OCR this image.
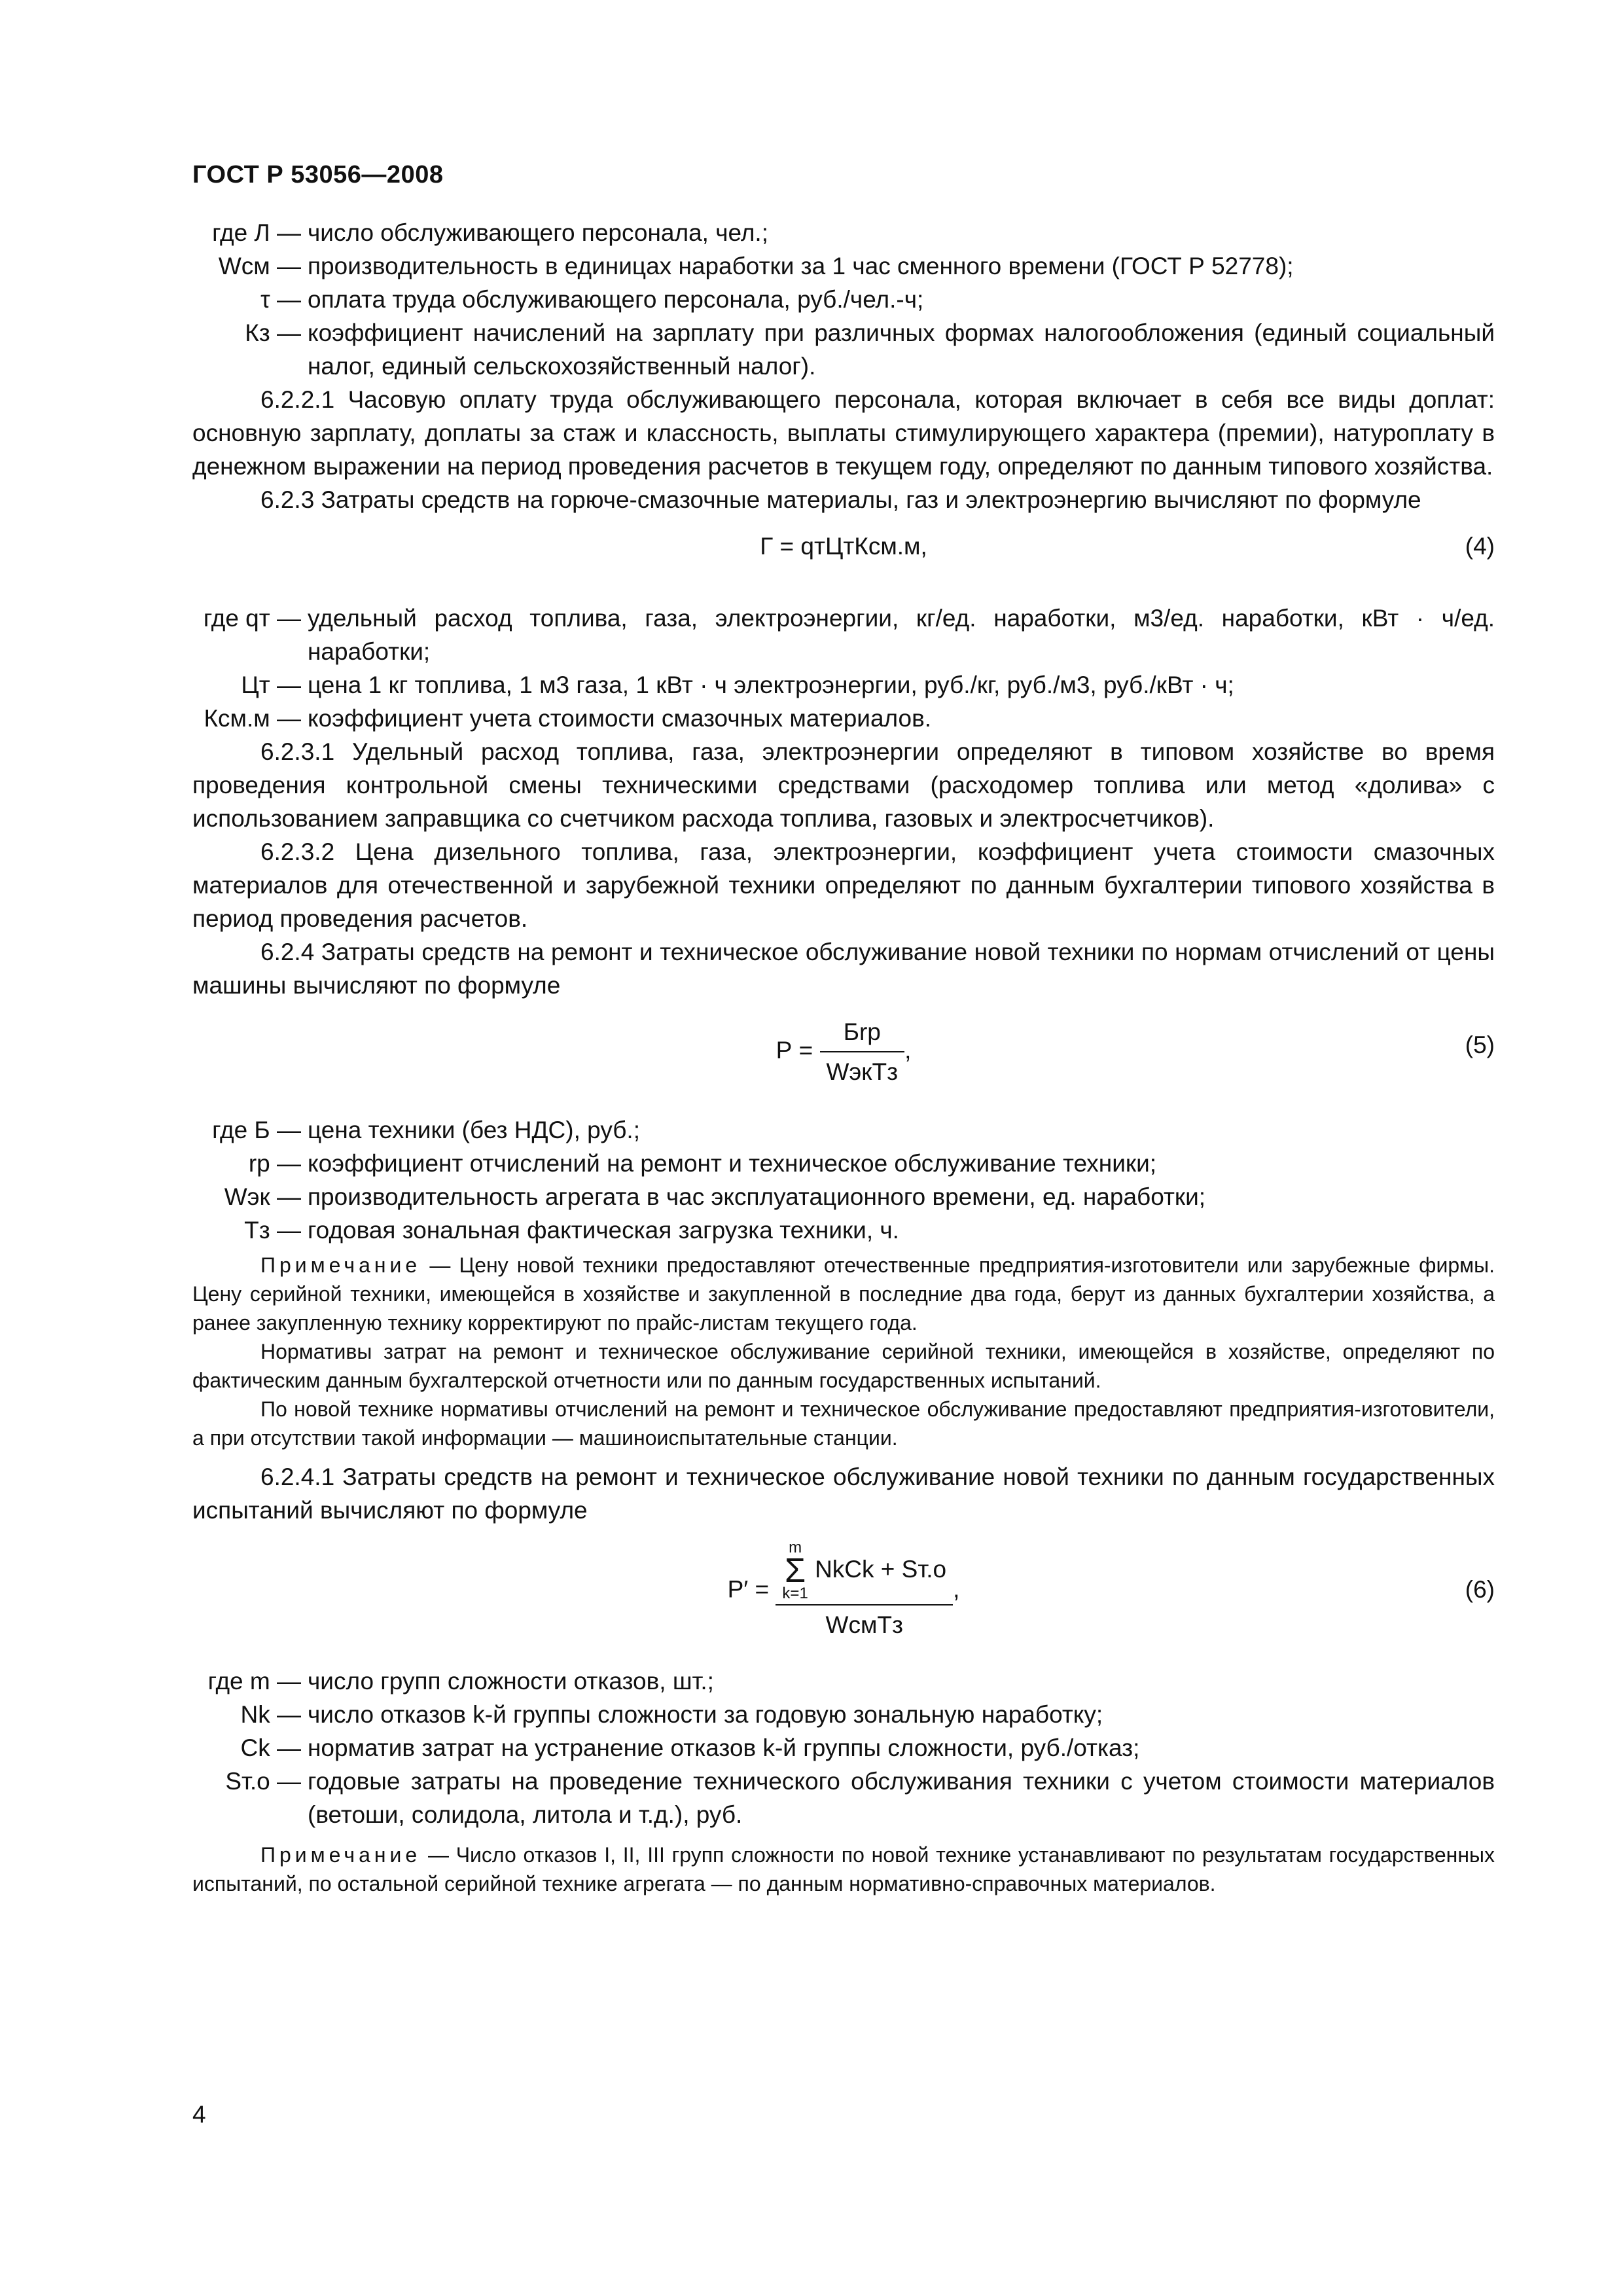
ГОСТ Р 53056—2008
где Л — число обслуживающего персонала, чел.;
Wсм — производительность в единицах наработки за 1 час сменного времени (ГОСТ Р 52778);
τ — оплата труда обслуживающего персонала, руб./чел.-ч;
Кз — коэффициент начислений на зарплату при различных формах налогообложения (единый социальный налог, единый сельскохозяйственный налог).

6.2.2.1 Часовую оплату труда обслуживающего персонала, которая включает в себя все виды доплат: основную зарплату, доплаты за стаж и классность, выплаты стимулирующего характера (премии), натуроплату в денежном выражении на период проведения расчетов в текущем году, определяют по данным типового хозяйства.

6.2.3 Затраты средств на горюче-смазочные материалы, газ и электроэнергию вычисляют по формуле

Г = qтЦтКсм.м,	(4)
где qт — удельный расход топлива, газа, электроэнергии, кг/ед. наработки, м3/ед. наработки, кВт · ч/ед. наработки;
Цт — цена 1 кг топлива, 1 м3 газа, 1 кВт · ч электроэнергии, руб./кг, руб./м3, руб./кВт · ч;
Ксм.м — коэффициент учета стоимости смазочных материалов.

6.2.3.1 Удельный расход топлива, газа, электроэнергии определяют в типовом хозяйстве во время проведения контрольной смены техническими средствами (расходомер топлива или метод «долива» с использованием заправщика со счетчиком расхода топлива, газовых и электросчетчиков).

6.2.3.2 Цена дизельного топлива, газа, электроэнергии, коэффициент учета стоимости смазочных материалов для отечественной и зарубежной техники определяют по данным бухгалтерии типового хозяйства в период проведения расчетов.

6.2.4 Затраты средств на ремонт и техническое обслуживание новой техники по нормам отчислений от цены машины вычисляют по формуле

$Р = \frac{\text{Бrр}}{\text{WэкТз}}$ ,	(5)
где Б — цена техники (без НДС), руб.;
rр — коэффициент отчислений на ремонт и техническое обслуживание техники;
Wэк — производительность агрегата в час эксплуатационного времени, ед. наработки;
Тз — годовая зональная фактическая загрузка техники, ч.

Примечание — Цену новой техники предоставляют отечественные предприятия-изготовители или зарубежные фирмы. Цену серийной техники, имеющейся в хозяйстве и закупленной в последние два года, берут из данных бухгалтерии хозяйства, а ранее закупленную технику корректируют по прайс-листам текущего года.

Нормативы затрат на ремонт и техническое обслуживание серийной техники, имеющейся в хозяйстве, определяют по фактическим данным бухгалтерской отчетности или по данным государственных испытаний.

По новой технике нормативы отчислений на ремонт и техническое обслуживание предоставляют предприятия-изготовители, а при отсутствии такой информации — машиноиспытательные станции.

6.2.4.1 Затраты средств на ремонт и техническое обслуживание новой техники по данным государственных испытаний вычисляют по формуле

Р′ =
m
Σ
k=1
NkCk + Sт.о
WсмТз
,	(6)
где m — число групп сложности отказов, шт.;
Nk — число отказов k-й группы сложности за годовую зональную наработку;
Ck — норматив затрат на устранение отказов k-й группы сложности, руб./отказ;
Sт.о — годовые затраты на проведение технического обслуживания техники с учетом стоимости материалов (ветоши, солидола, литола и т.д.), руб.

Примечание — Число отказов I, II, III групп сложности по новой технике устанавливают по результатам государственных испытаний, по остальной серийной технике агрегата — по данным нормативно-справочных материалов.

4
